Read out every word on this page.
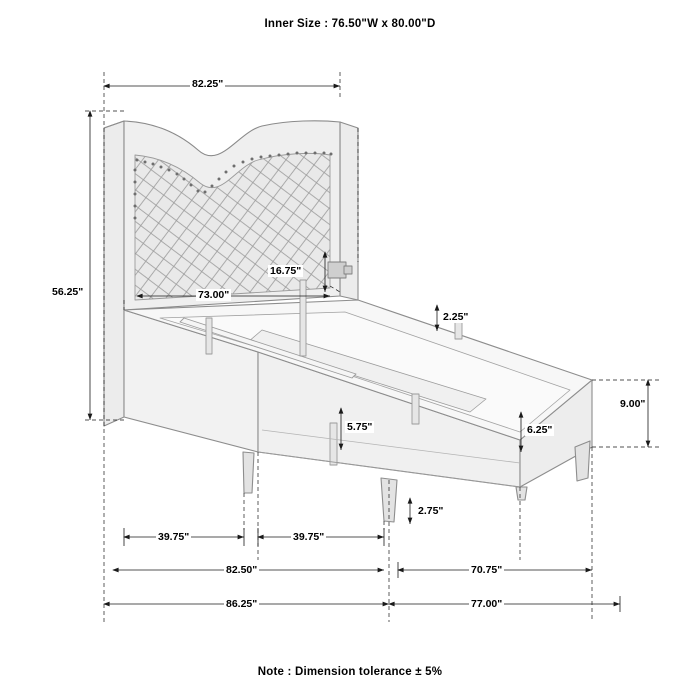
Inner Size : 76.50"W x 80.00"D
82.25"
56.25"	73.00"
16.75"
2.25"
9.00"
5.75"	6.25"
2.75"
39.75"	39.75"
82.50"	70.75"
86.25"	77.00"
Note : Dimension tolerance ± 5%
